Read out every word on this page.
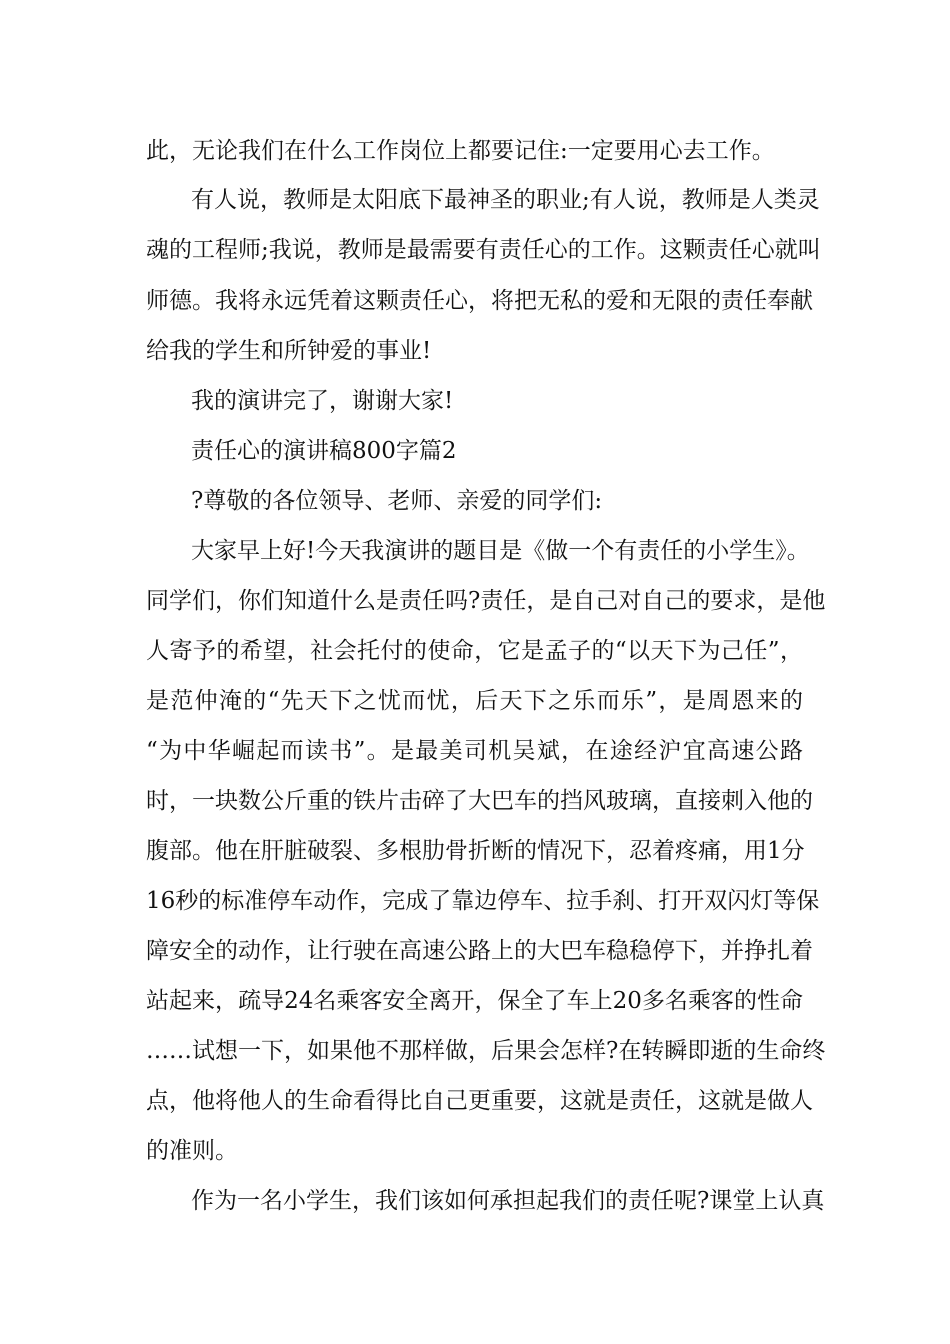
此，无论我们在什么工作岗位上都要记住:一定要用心去工作。
有人说，教师是太阳底下最神圣的职业;有人说，教师是人类灵
魂的工程师;我说，教师是最需要有责任心的工作。这颗责任心就叫
师德。我将永远凭着这颗责任心，将把无私的爱和无限的责任奉献
给我的学生和所钟爱的事业!
我的演讲完了，谢谢大家!
责任心的演讲稿800字篇2
?尊敬的各位领导、老师、亲爱的同学们:
大家早上好!今天我演讲的题目是《做一个有责任的小学生》。
同学们，你们知道什么是责任吗?责任，是自己对自己的要求，是他
人寄予的希望，社会托付的使命，它是孟子的“以天下为己任”，
是范仲淹的“先天下之忧而忧，后天下之乐而乐”，是周恩来的
“为中华崛起而读书”。是最美司机吴斌，在途经沪宜高速公路
时，一块数公斤重的铁片击碎了大巴车的挡风玻璃，直接刺入他的
腹部。他在肝脏破裂、多根肋骨折断的情况下，忍着疼痛，用1分
16秒的标准停车动作，完成了靠边停车、拉手刹、打开双闪灯等保
障安全的动作，让行驶在高速公路上的大巴车稳稳停下，并挣扎着
站起来，疏导24名乘客安全离开，保全了车上20多名乘客的性命
……试想一下，如果他不那样做，后果会怎样?在转瞬即逝的生命终
点，他将他人的生命看得比自己更重要，这就是责任，这就是做人
的准则。
作为一名小学生，我们该如何承担起我们的责任呢?课堂上认真
